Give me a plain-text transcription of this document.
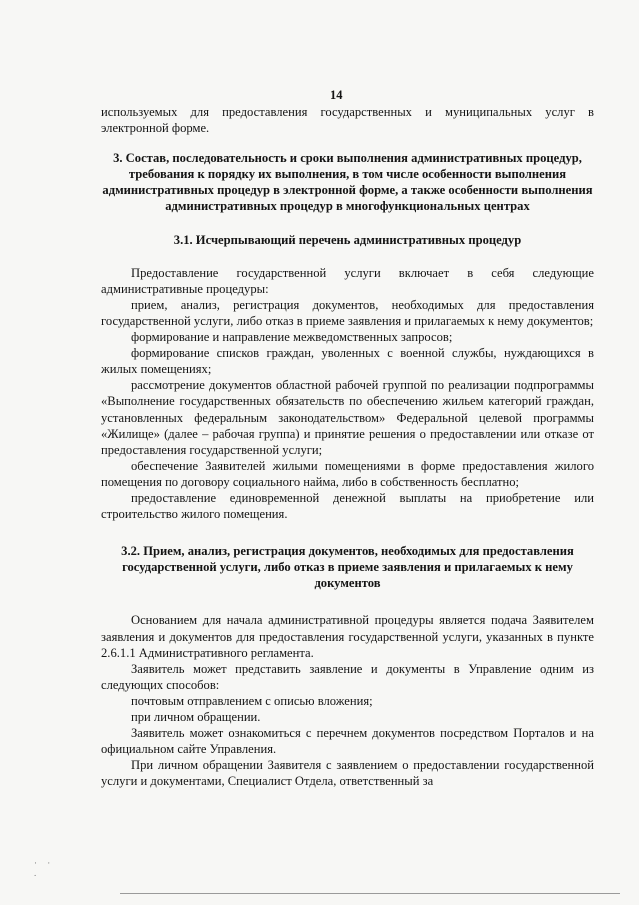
14

используемых для предоставления государственных и муниципальных услуг в электронной форме.

3. Состав, последовательность и сроки выполнения административных процедур, требования к порядку их выполнения, в том числе особенности выполнения административных процедур в электронной форме, а также особенности выполнения административных процедур в многофункциональных центрах

3.1. Исчерпывающий перечень административных процедур

Предоставление государственной услуги включает в себя следующие административные процедуры:

прием, анализ, регистрация документов, необходимых для предоставления государственной услуги, либо отказ в приеме заявления и прилагаемых к нему документов;

формирование и направление межведомственных запросов;

формирование списков граждан, уволенных с военной службы, нуждающихся в жилых помещениях;

рассмотрение документов областной рабочей группой по реализации подпрограммы «Выполнение государственных обязательств по обеспечению жильем категорий граждан, установленных федеральным законодательством» Федеральной целевой программы «Жилище» (далее – рабочая группа) и принятие решения о предоставлении или отказе от предоставления государственной услуги;

обеспечение Заявителей жилыми помещениями в форме предоставления жилого помещения по договору социального найма, либо в собственность бесплатно;

предоставление единовременной денежной выплаты на приобретение или строительство жилого помещения.

3.2. Прием, анализ, регистрация документов, необходимых для предоставления государственной услуги, либо отказ в приеме заявления и прилагаемых к нему документов

Основанием для начала административной процедуры является подача Заявителем заявления и документов для предоставления государственной услуги, указанных в пункте 2.6.1.1 Административного регламента.

Заявитель может представить заявление и документы в Управление одним из следующих способов:

почтовым отправлением с описью вложения;

при личном обращении.

Заявитель может ознакомиться с перечнем документов посредством Порталов и на официальном сайте Управления.

При личном обращении Заявителя с заявлением о предоставлении государственной услуги и документами, Специалист Отдела, ответственный за

· · .
